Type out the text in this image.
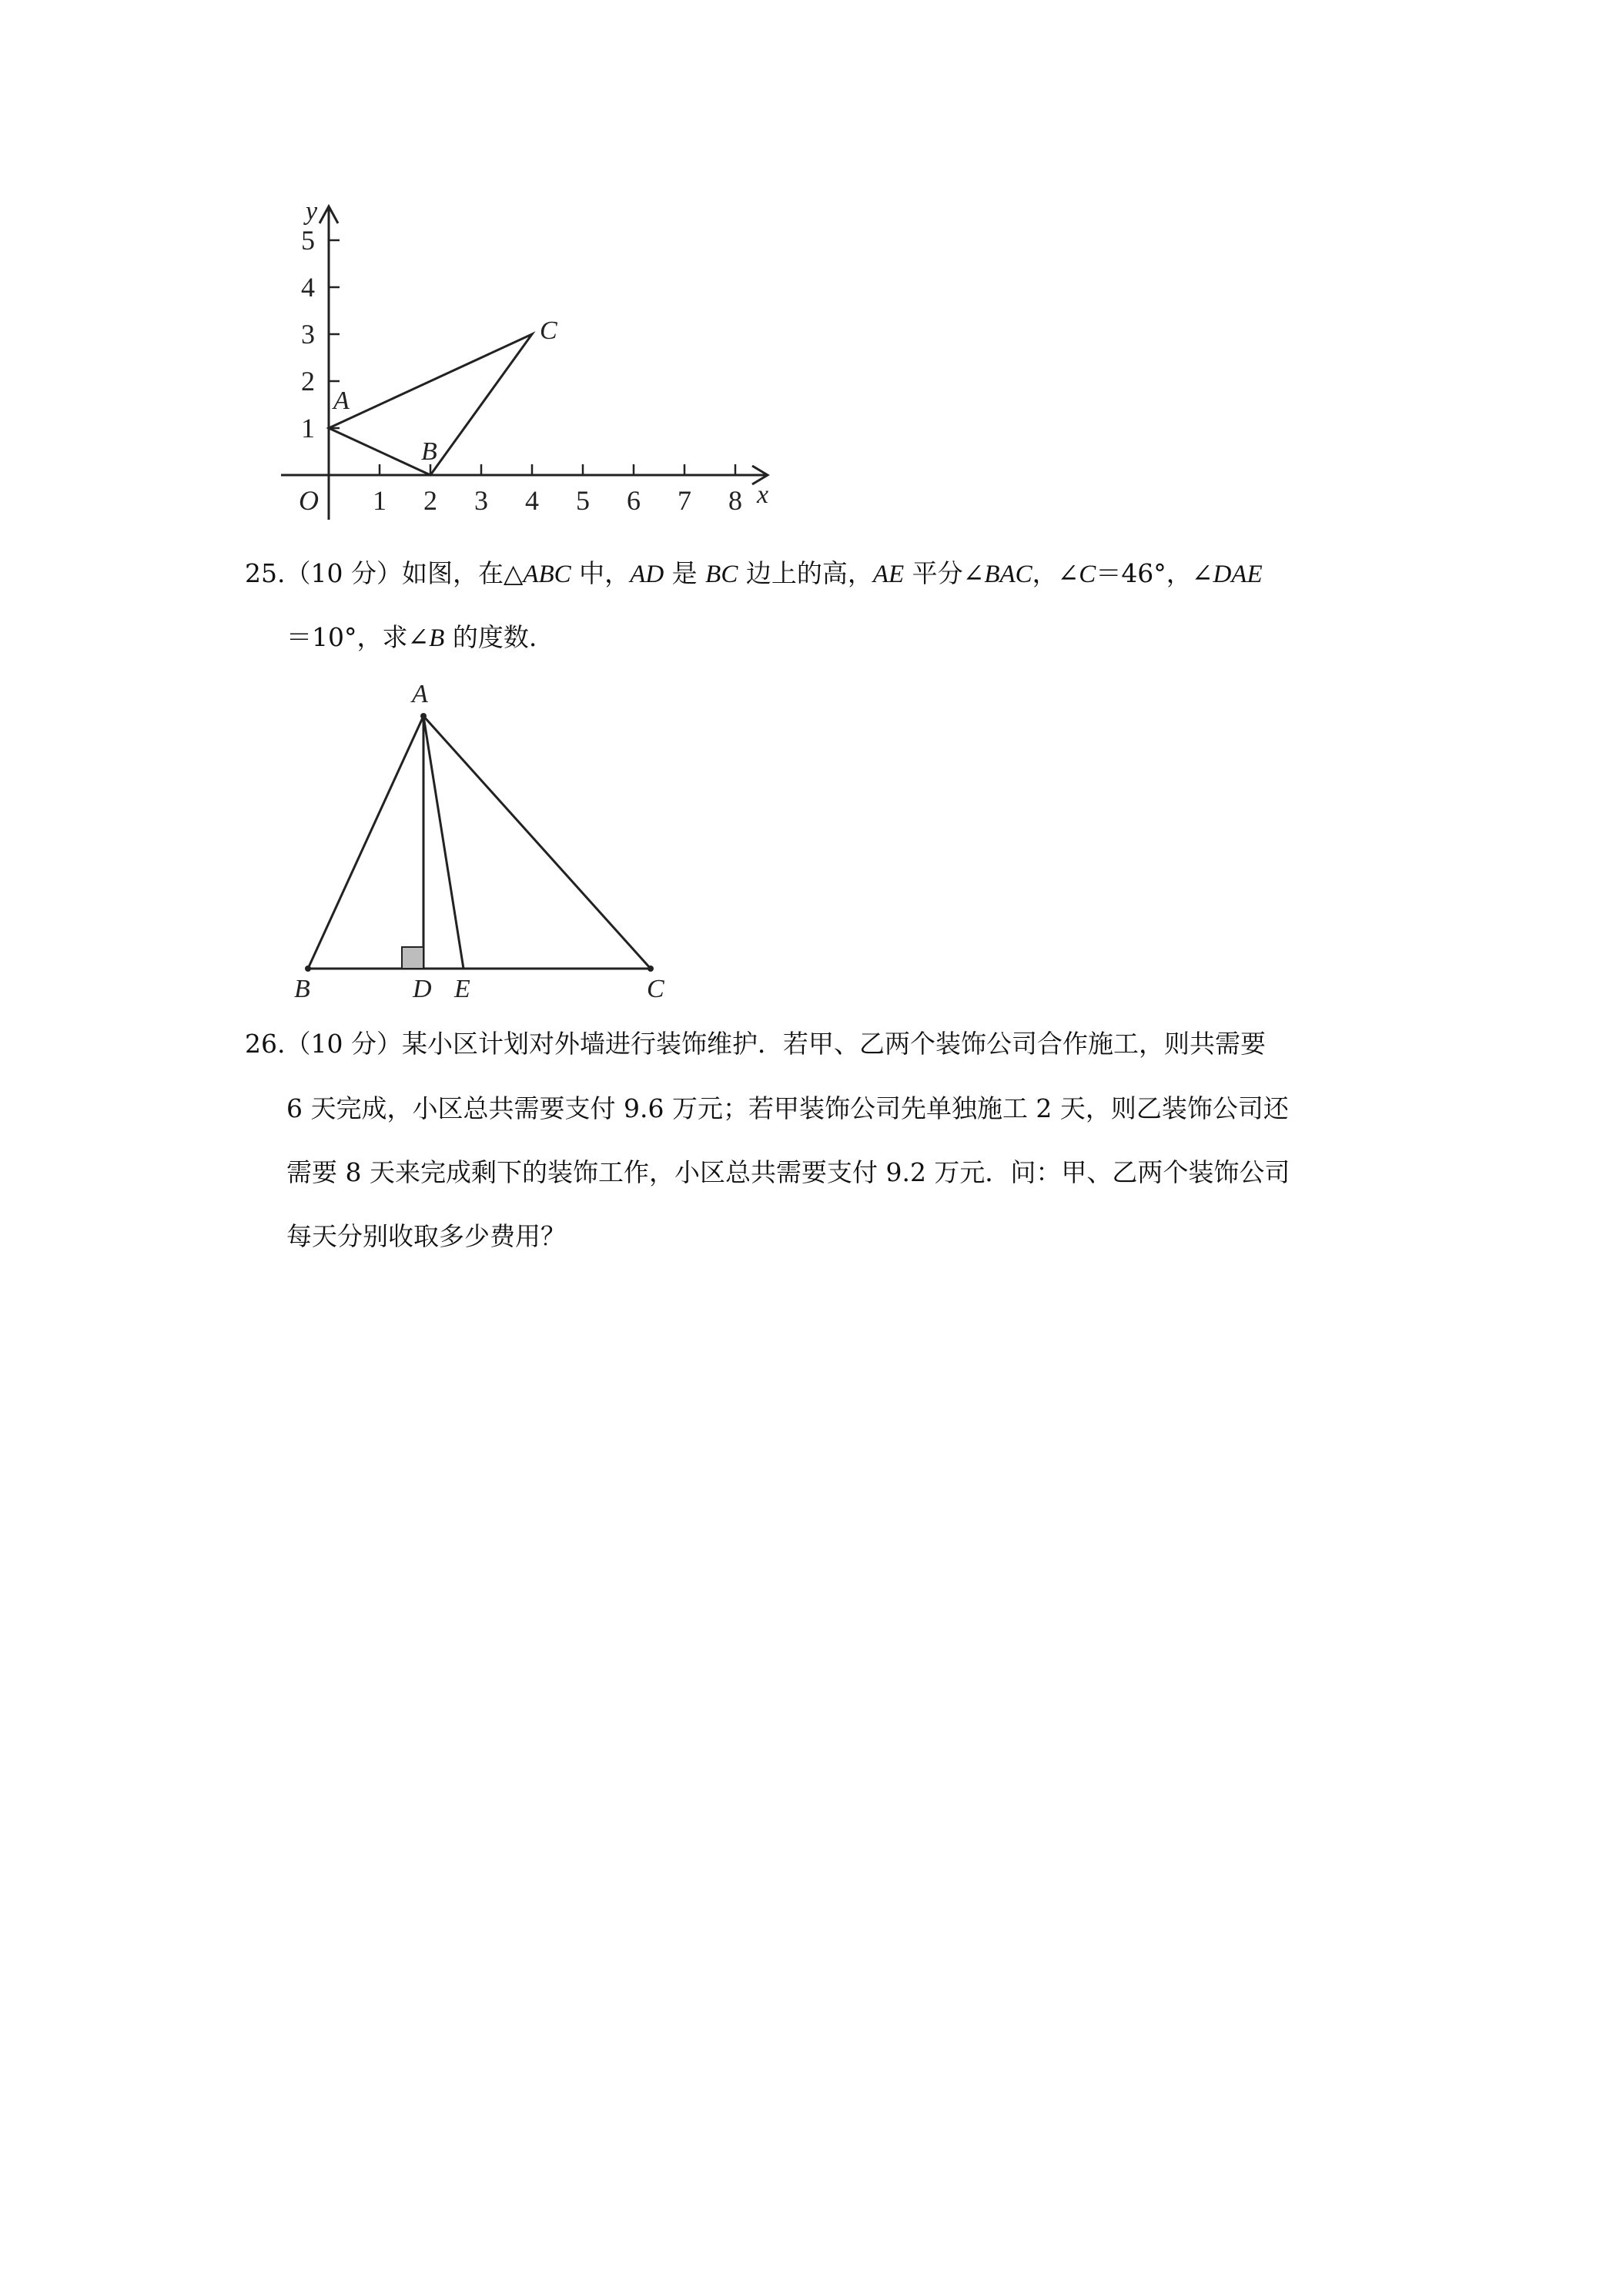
1 2 3 4 5 6 7 8
1
2
3
4
5
y
x
O
A
B
C
25.（10 分）如图，在△ABC 中，AD 是 BC 边上的高，AE 平分∠BAC，∠C＝46°，∠DAE
＝10°，求∠B 的度数.
A
B	C
D E
26.（10 分）某小区计划对外墙进行装饰维护．若甲、乙两个装饰公司合作施工，则共需要
6 天完成，小区总共需要支付 9.6 万元；若甲装饰公司先单独施工 2 天，则乙装饰公司还
需要 8 天来完成剩下的装饰工作，小区总共需要支付 9.2 万元．问：甲、乙两个装饰公司
每天分别收取多少费用？
